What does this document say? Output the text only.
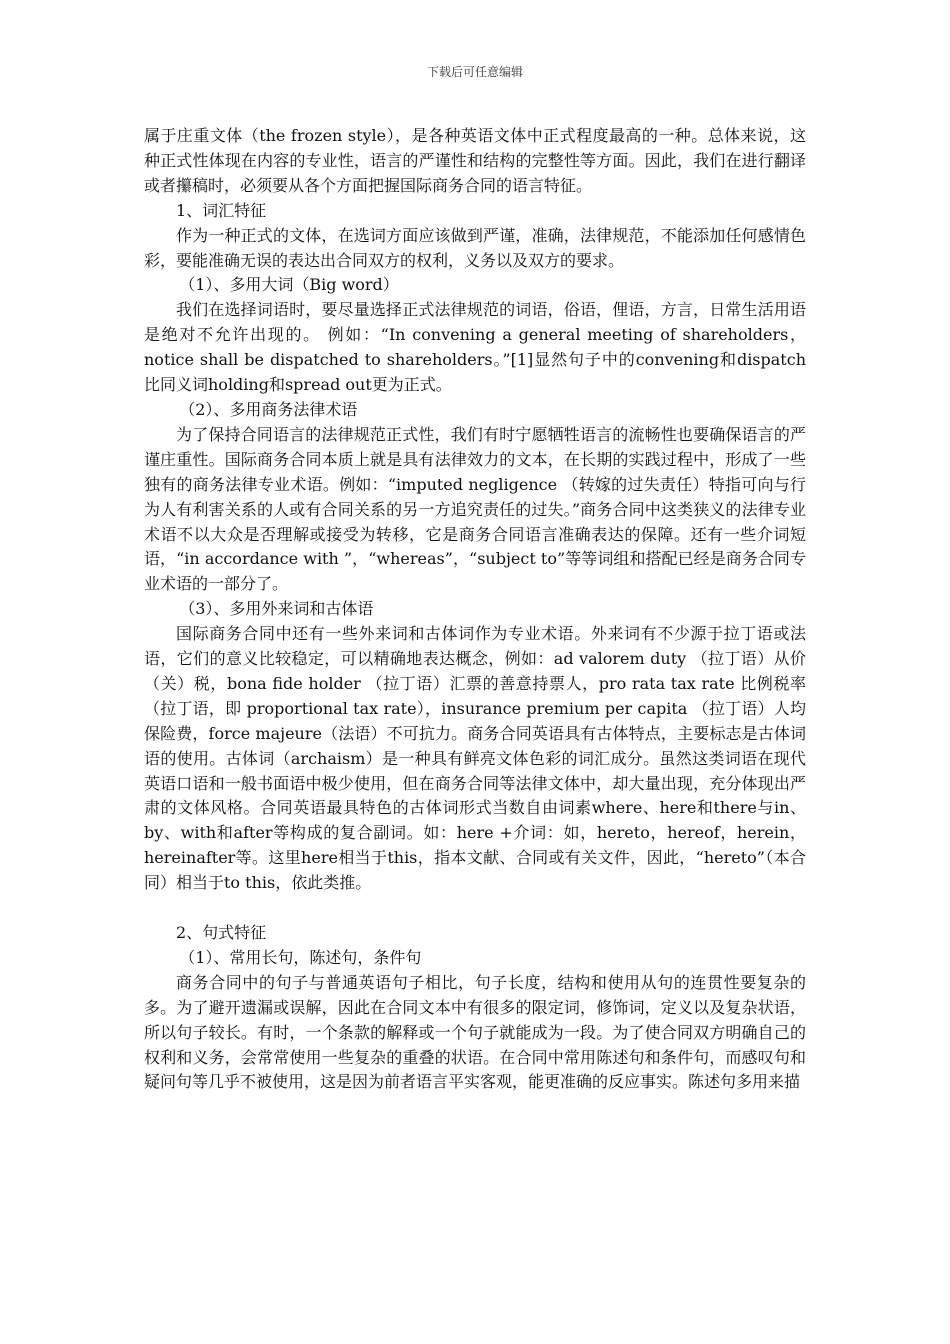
下载后可任意编辑

属于庄重文体（the frozen style），是各种英语文体中正式程度最高的一种。总体来说，这种正式性体现在内容的专业性，语言的严谨性和结构的完整性等方面。因此，我们在进行翻译或者攥稿时，必须要从各个方面把握国际商务合同的语言特征。

1、词汇特征

作为一种正式的文体，在选词方面应该做到严谨，准确，法律规范，不能添加任何感情色彩，要能准确无误的表达出合同双方的权利，义务以及双方的要求。

（1）、多用大词（Big word）

我们在选择词语时，要尽量选择正式法律规范的词语，俗语，俚语，方言，日常生活用语是绝对不允许出现的。 例如：“In convening a general meeting of shareholders， notice shall be dispatched to shareholders。”[1]显然句子中的convening和dispatch比同义词holding和spread out更为正式。

（2）、多用商务法律术语

为了保持合同语言的法律规范正式性，我们有时宁愿牺牲语言的流畅性也要确保语言的严谨庄重性。国际商务合同本质上就是具有法律效力的文本，在长期的实践过程中，形成了一些独有的商务法律专业术语。例如：“imputed negligence （转嫁的过失责任）特指可向与行为人有利害关系的人或有合同关系的另一方追究责任的过失。”商务合同中这类狭义的法律专业术语不以大众是否理解或接受为转移，它是商务合同语言准确表达的保障。还有一些介词短语，“in accordance with ”，“whereas”，“subject to”等等词组和搭配已经是商务合同专业术语的一部分了。

（3）、多用外来词和古体语

国际商务合同中还有一些外来词和古体词作为专业术语。外来词有不少源于拉丁语或法语，它们的意义比较稳定，可以精确地表达概念，例如：ad valorem duty （拉丁语）从价（关）税，bona fide holder （拉丁语）汇票的善意持票人，pro rata tax rate 比例税率（拉丁语，即 proportional tax rate），insurance premium per capita （拉丁语）人均保险费，force majeure（法语）不可抗力。商务合同英语具有古体特点，主要标志是古体词语的使用。古体词（archaism）是一种具有鲜亮文体色彩的词汇成分。虽然这类词语在现代英语口语和一般书面语中极少使用，但在商务合同等法律文体中，却大量出现，充分体现出严肃的文体风格。合同英语最具特色的古体词形式当数自由词素where、here和there与in、by、with和after等构成的复合副词。如：here +介词：如，hereto，hereof，herein，hereinafter等。这里here相当于this，指本文献、合同或有关文件，因此，“hereto”（本合同）相当于to this，依此类推。

2、句式特征

（1）、常用长句，陈述句，条件句

商务合同中的句子与普通英语句子相比，句子长度，结构和使用从句的连贯性要复杂的多。为了避开遗漏或误解，因此在合同文本中有很多的限定词，修饰词，定义以及复杂状语，所以句子较长。有时，一个条款的解释或一个句子就能成为一段。为了使合同双方明确自己的权利和义务，会常常使用一些复杂的重叠的状语。在合同中常用陈述句和条件句，而感叹句和疑问句等几乎不被使用，这是因为前者语言平实客观，能更准确的反应事实。陈述句多用来描
